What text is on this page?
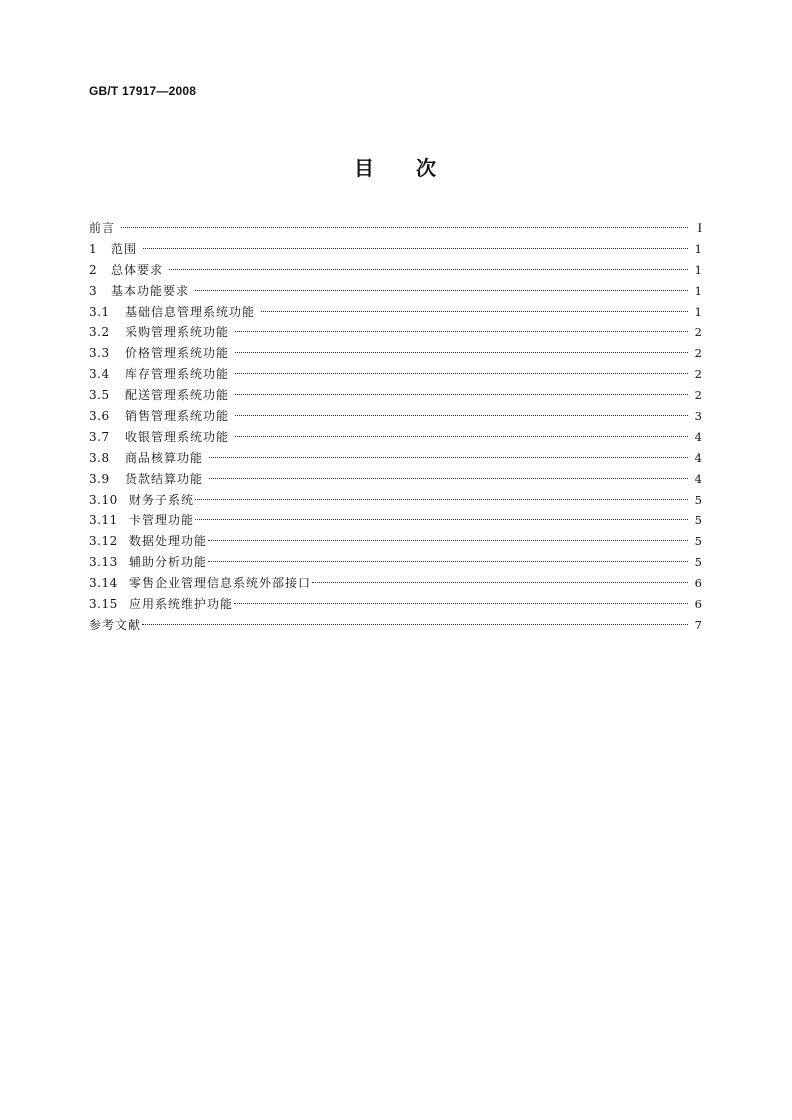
GB/T 17917—2008
目 次
前言	I
1	范围	1
2	总体要求	1
3	基本功能要求	1
3.1	基础信息管理系统功能	1
3.2	采购管理系统功能	2
3.3	价格管理系统功能	2
3.4	库存管理系统功能	2
3.5	配送管理系统功能	2
3.6	销售管理系统功能	3
3.7	收银管理系统功能	4
3.8	商品核算功能	4
3.9	货款结算功能	4
3.10 财务子系统	5
3.11 卡管理功能	5
3.12 数据处理功能	5
3.13 辅助分析功能	5
3.14 零售企业管理信息系统外部接口	6
3.15 应用系统维护功能	6
参考文献	7
